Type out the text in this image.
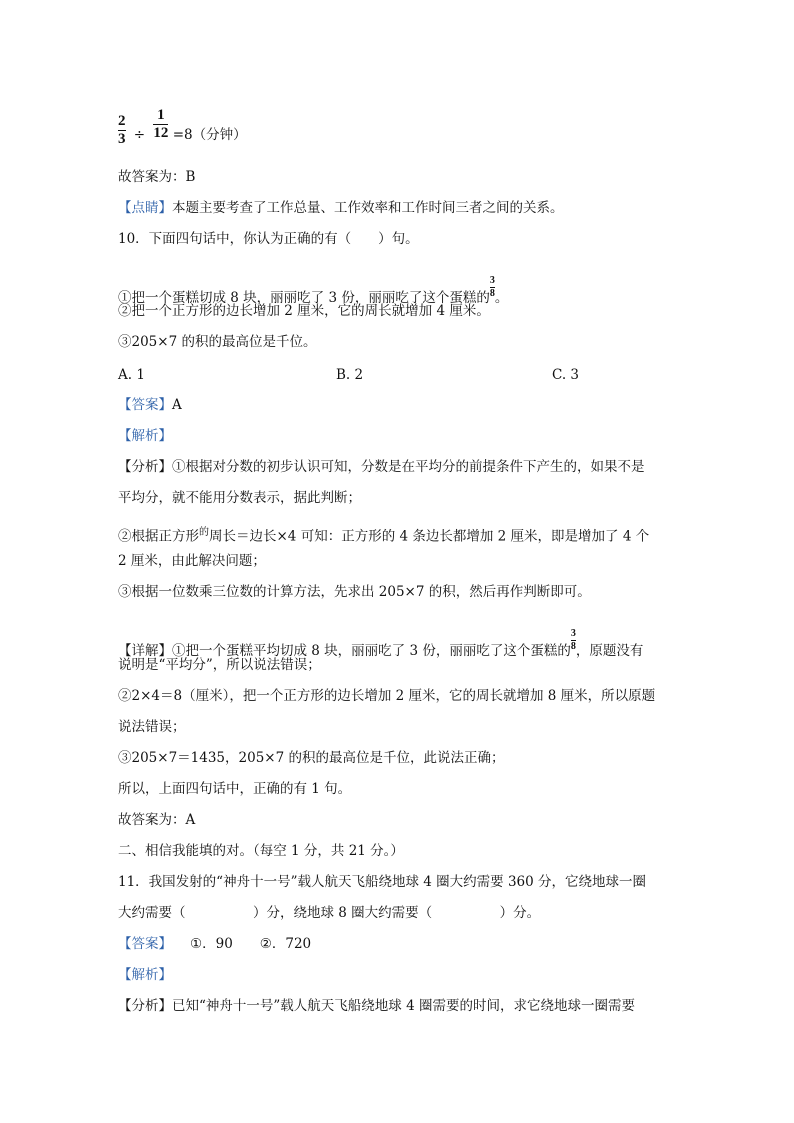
$\frac{2}{3} \div \frac{1}{12} =8$（分钟）
故答案为：B
【点睛】本题主要考查了工作总量、工作效率和工作时间三者之间的关系。
10．下面四句话中，你认为正确的有（　　）句。
①把一个蛋糕切成 8 块，丽丽吃了 3 份，丽丽吃了这个蛋糕的 $\frac{3}{8}$ 。
②把一个正方形的边长增加 2 厘米，它的周长就增加 4 厘米。
③205×7 的积的最高位是千位。
A. 1	B. 2	C. 3
【答案】A
【解析】
【分析】①根据对分数的初步认识可知，分数是在平均分的前提条件下产生的，如果不是
平均分，就不能用分数表示，据此判断；
②根据正方形$^的$周长＝边长×4 可知：正方形的 4 条边长都增加 2 厘米，即是增加了 4 个
2 厘米，由此解决问题；
③根据一位数乘三位数的计算方法，先求出 205×7 的积，然后再作判断即可。
【详解】①把一个蛋糕平均切成 8 块，丽丽吃了 3 份，丽丽吃了这个蛋糕的 $\frac{3}{8}$ ，原题没有
说明是“平均分”，所以说法错误；
②2×4＝8（厘米），把一个正方形的边长增加 2 厘米，它的周长就增加 8 厘米，所以原题
说法错误；
③205×7＝1435，205×7 的积的最高位是千位，此说法正确；
所以，上面四句话中，正确的有 1 句。
故答案为：A
二、相信我能填的对。（每空 1 分，共 21 分。）
11．我国发射的“神舟十一号”载人航天飞船绕地球 4 圈大约需要 360 分，它绕地球一圈
大约需要（　　　　　）分，绕地球 8 圈大约需要（　　　　　）分。
【答案】 ①．90　　②．720
【解析】
【分析】已知“神舟十一号”载人航天飞船绕地球 4 圈需要的时间，求它绕地球一圈需要
